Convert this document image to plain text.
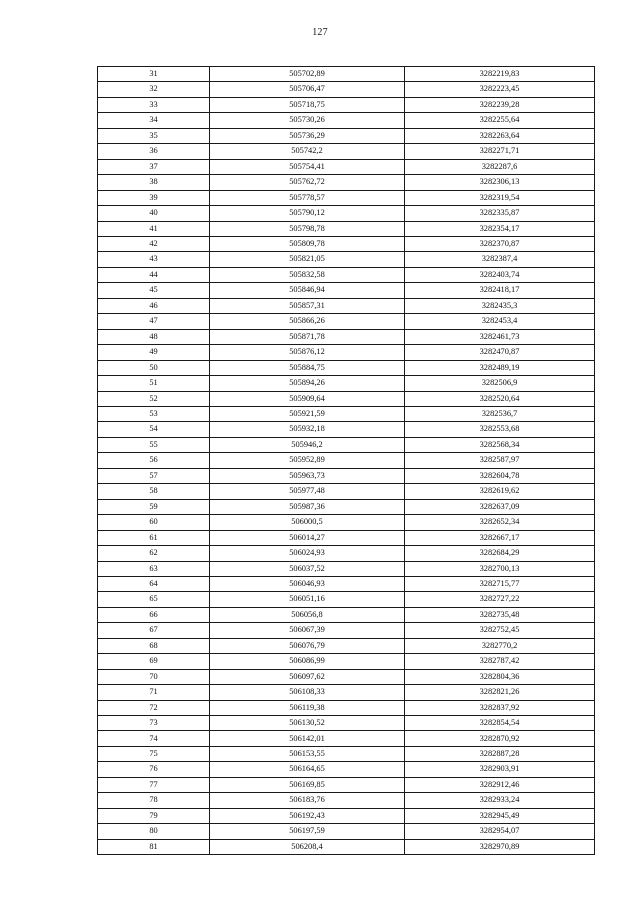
127
31	505702,89	3282219,83
32	505706,47	3282223,45
33	505718,75	3282239,28
34	505730,26	3282255,64
35	505736,29	3282263,64
36	505742,2	3282271,71
37	505754,41	3282287,6
38	505762,72	3282306,13
39	505778,57	3282319,54
40	505790,12	3282335,87
41	505798,78	3282354,17
42	505809,78	3282370,87
43	505821,05	3282387,4
44	505832,58	3282403,74
45	505846,94	3282418,17
46	505857,31	3282435,3
47	505866,26	3282453,4
48	505871,78	3282461,73
49	505876,12	3282470,87
50	505884,75	3282489,19
51	505894,26	3282506,9
52	505909,64	3282520,64
53	505921,59	3282536,7
54	505932,18	3282553,68
55	505946,2	3282568,34
56	505952,89	3282587,97
57	505963,73	3282604,78
58	505977,48	3282619,62
59	505987,36	3282637,09
60	506000,5	3282652,34
61	506014,27	3282667,17
62	506024,93	3282684,29
63	506037,52	3282700,13
64	506046,93	3282715,77
65	506051,16	3282727,22
66	506056,8	3282735,48
67	506067,39	3282752,45
68	506076,79	3282770,2
69	506086,99	3282787,42
70	506097,62	3282804,36
71	506108,33	3282821,26
72	506119,38	3282837,92
73	506130,52	3282854,54
74	506142,01	3282870,92
75	506153,55	3282887,28
76	506164,65	3282903,91
77	506169,85	3282912,46
78	506183,76	3282933,24
79	506192,43	3282945,49
80	506197,59	3282954,07
81	506208,4	3282970,89
